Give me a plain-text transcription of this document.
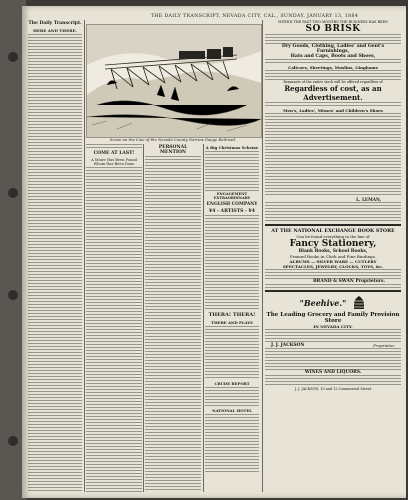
THE DAILY TRANSCRIPT, NEVADA CITY, CAL., SUNDAY, JANUARY 13, 1884
The Daily Transcript.
HERE AND THERE.
Scene on the Line of the Nevada County Narrow Gauge Railroad.
COME AT LAST!
A Miner Has Been Found Whom Has Been Done
PERSONAL MENTION
A Big Christmas Scheme
ENGAGEMENT EXTRAORDINARY
ENGLISH COMPANY
¥4 - ARTISTS - ¥4
THERA! THERA!
THERE AND PLAYS
CRUDE REPORT
NATIONAL HOTEL
WITHIN THE PAST TWO MONTHS THE BUSINESS HAS BEEN
SO BRISK
Dry Goods, Clothing, Ladies' and Gent's Furnishings,
Hats and Caps, Boots and Shoes,
Calicoes, Sheetings, Muslins, Ginghams
Remnants of the entire stock will be offered regardless of
Regardless of cost, as an Advertisement.
Men's, Ladies', Misses' and Children's Shoes
L. LEMAN,
AT THE NATIONAL EXCHANGE BOOK STORE
Can be found everything in the line of
Fancy Stationery,
Blank Books, School Books,
Framed Books in Cloth and Fine Bindings.
ALBUMS — SILVER WARE — CUTLERY
SPECTACLES, JEWELRY, CLOCKS, TOYS, &c.
BRAND & SWAN Proprietors.
"Beehive."
The Leading Grocery and Family Provision Store
IN NEVADA CITY.
J. J. JACKSON	Proprietor.
WINES AND LIQUORS.
J. J. JACKSON, 10 and 12 Commercial Street
